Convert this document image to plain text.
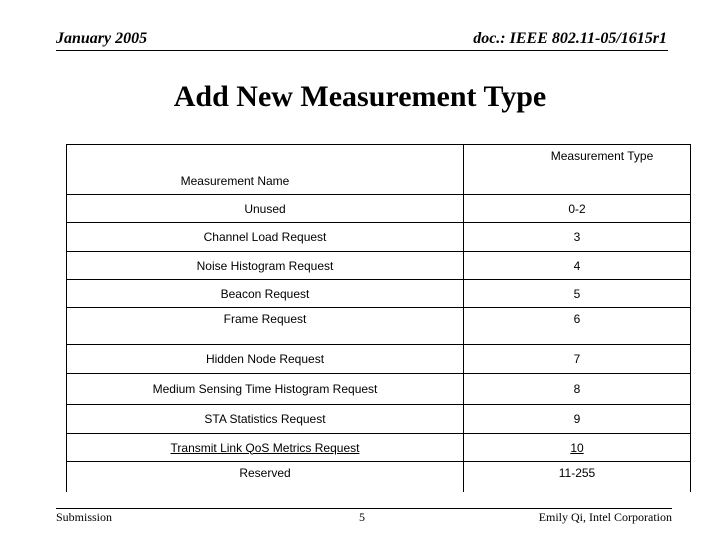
January 2005	doc.: IEEE 802.11-05/1615r1
Add New Measurement Type
Measurement Name	Measurement Type
Unused	0-2
Channel Load Request	3
Noise Histogram Request	4
Beacon Request	5
Frame Request	6
Hidden Node Request	7
Medium Sensing Time Histogram Request	8
STA Statistics Request	9
Transmit Link QoS Metrics Request	10
Reserved	11-255
Submission	5	Emily Qi, Intel Corporation
